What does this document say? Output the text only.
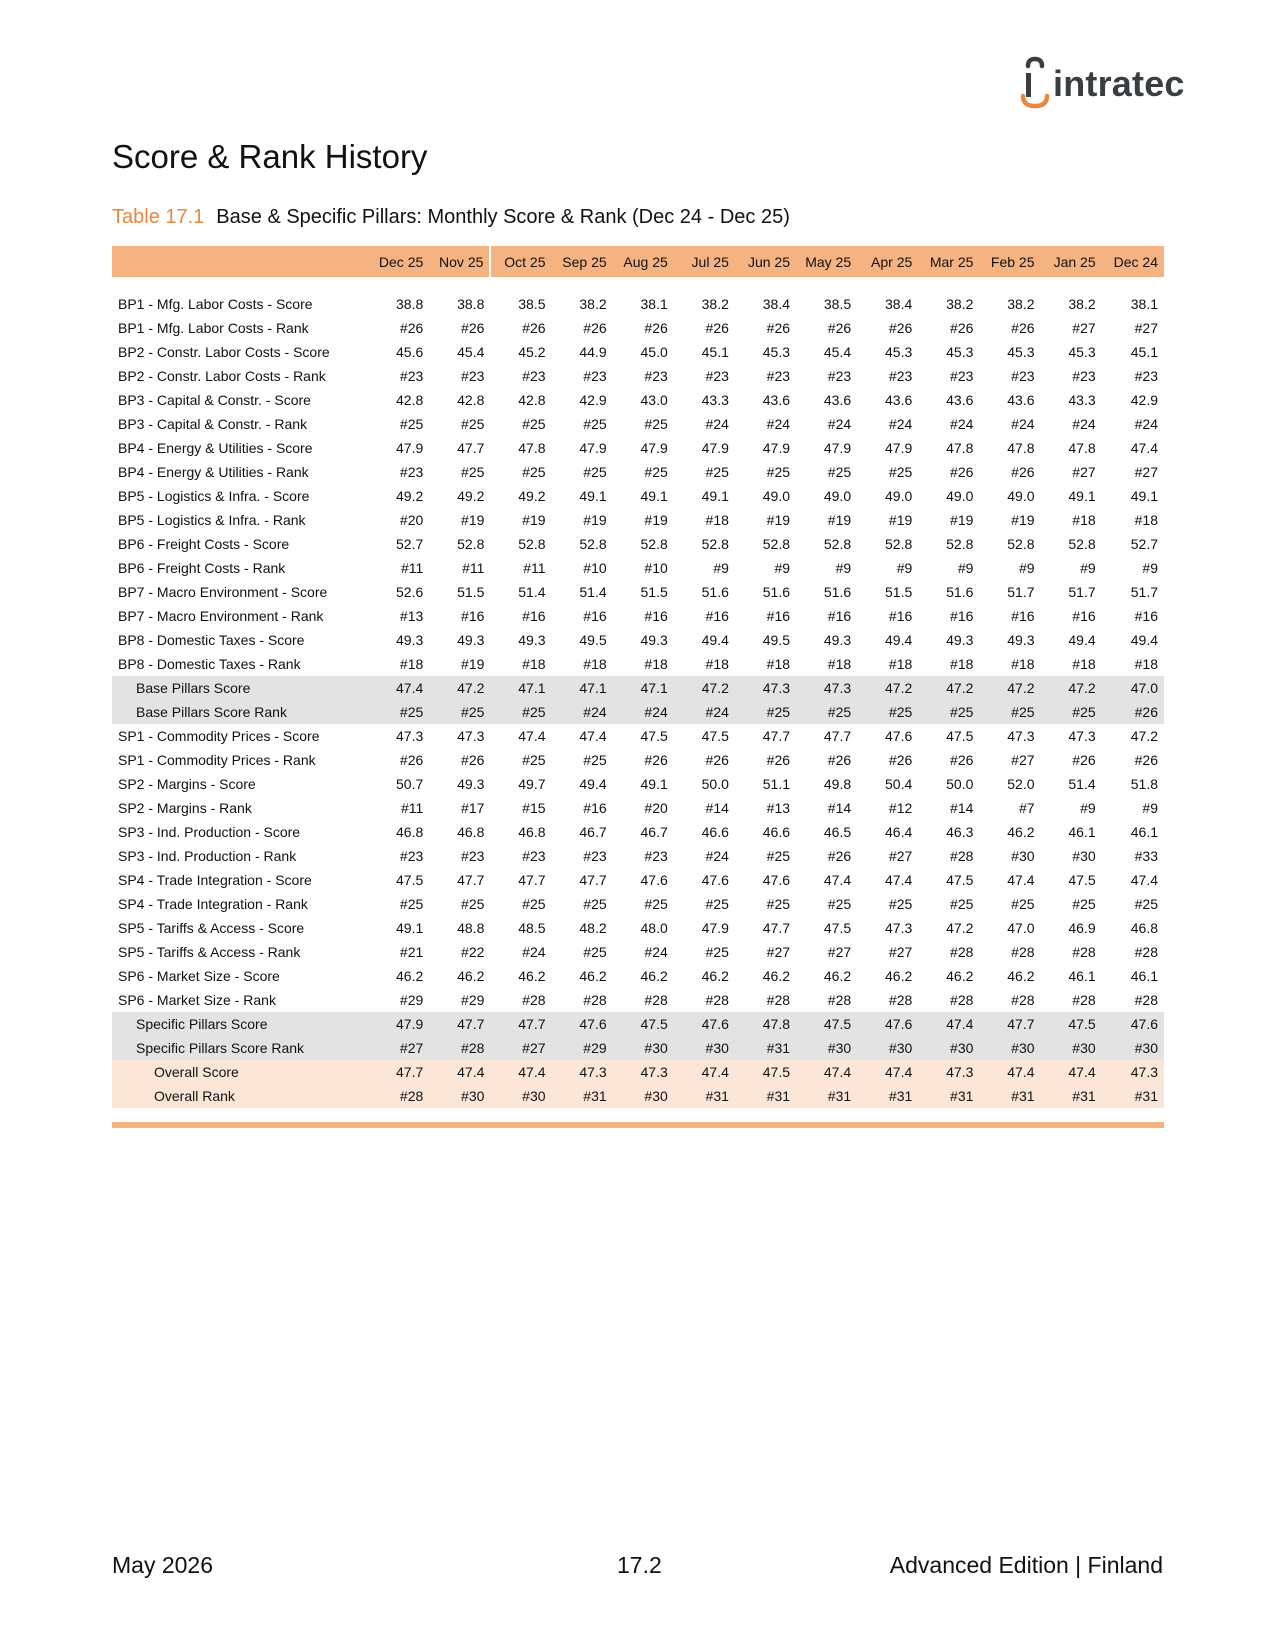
intratec
Score & Rank History
Table 17.1 Base & Specific Pillars: Monthly Score & Rank (Dec 24 - Dec 25)
	Dec 25	Nov 25	Oct 25	Sep 25	Aug 25	Jul 25	Jun 25	May 25	Apr 25	Mar 25	Feb 25	Jan 25	Dec 24

BP1 - Mfg. Labor Costs - Score	38.8	38.8	38.5	38.2	38.1	38.2	38.4	38.5	38.4	38.2	38.2	38.2	38.1
BP1 - Mfg. Labor Costs - Rank	#26	#26	#26	#26	#26	#26	#26	#26	#26	#26	#26	#27	#27
BP2 - Constr. Labor Costs - Score	45.6	45.4	45.2	44.9	45.0	45.1	45.3	45.4	45.3	45.3	45.3	45.3	45.1
BP2 - Constr. Labor Costs - Rank	#23	#23	#23	#23	#23	#23	#23	#23	#23	#23	#23	#23	#23
BP3 - Capital & Constr. - Score	42.8	42.8	42.8	42.9	43.0	43.3	43.6	43.6	43.6	43.6	43.6	43.3	42.9
BP3 - Capital & Constr. - Rank	#25	#25	#25	#25	#25	#24	#24	#24	#24	#24	#24	#24	#24
BP4 - Energy & Utilities - Score	47.9	47.7	47.8	47.9	47.9	47.9	47.9	47.9	47.9	47.8	47.8	47.8	47.4
BP4 - Energy & Utilities - Rank	#23	#25	#25	#25	#25	#25	#25	#25	#25	#26	#26	#27	#27
BP5 - Logistics & Infra. - Score	49.2	49.2	49.2	49.1	49.1	49.1	49.0	49.0	49.0	49.0	49.0	49.1	49.1
BP5 - Logistics & Infra. - Rank	#20	#19	#19	#19	#19	#18	#19	#19	#19	#19	#19	#18	#18
BP6 - Freight Costs - Score	52.7	52.8	52.8	52.8	52.8	52.8	52.8	52.8	52.8	52.8	52.8	52.8	52.7
BP6 - Freight Costs - Rank	#11	#11	#11	#10	#10	#9	#9	#9	#9	#9	#9	#9	#9
BP7 - Macro Environment - Score	52.6	51.5	51.4	51.4	51.5	51.6	51.6	51.6	51.5	51.6	51.7	51.7	51.7
BP7 - Macro Environment - Rank	#13	#16	#16	#16	#16	#16	#16	#16	#16	#16	#16	#16	#16
BP8 - Domestic Taxes - Score	49.3	49.3	49.3	49.5	49.3	49.4	49.5	49.3	49.4	49.3	49.3	49.4	49.4
BP8 - Domestic Taxes - Rank	#18	#19	#18	#18	#18	#18	#18	#18	#18	#18	#18	#18	#18
Base Pillars Score	47.4	47.2	47.1	47.1	47.1	47.2	47.3	47.3	47.2	47.2	47.2	47.2	47.0
Base Pillars Score Rank	#25	#25	#25	#24	#24	#24	#25	#25	#25	#25	#25	#25	#26
SP1 - Commodity Prices - Score	47.3	47.3	47.4	47.4	47.5	47.5	47.7	47.7	47.6	47.5	47.3	47.3	47.2
SP1 - Commodity Prices - Rank	#26	#26	#25	#25	#26	#26	#26	#26	#26	#26	#27	#26	#26
SP2 - Margins - Score	50.7	49.3	49.7	49.4	49.1	50.0	51.1	49.8	50.4	50.0	52.0	51.4	51.8
SP2 - Margins - Rank	#11	#17	#15	#16	#20	#14	#13	#14	#12	#14	#7	#9	#9
SP3 - Ind. Production - Score	46.8	46.8	46.8	46.7	46.7	46.6	46.6	46.5	46.4	46.3	46.2	46.1	46.1
SP3 - Ind. Production - Rank	#23	#23	#23	#23	#23	#24	#25	#26	#27	#28	#30	#30	#33
SP4 - Trade Integration - Score	47.5	47.7	47.7	47.7	47.6	47.6	47.6	47.4	47.4	47.5	47.4	47.5	47.4
SP4 - Trade Integration - Rank	#25	#25	#25	#25	#25	#25	#25	#25	#25	#25	#25	#25	#25
SP5 - Tariffs & Access - Score	49.1	48.8	48.5	48.2	48.0	47.9	47.7	47.5	47.3	47.2	47.0	46.9	46.8
SP5 - Tariffs & Access - Rank	#21	#22	#24	#25	#24	#25	#27	#27	#27	#28	#28	#28	#28
SP6 - Market Size - Score	46.2	46.2	46.2	46.2	46.2	46.2	46.2	46.2	46.2	46.2	46.2	46.1	46.1
SP6 - Market Size - Rank	#29	#29	#28	#28	#28	#28	#28	#28	#28	#28	#28	#28	#28
Specific Pillars Score	47.9	47.7	47.7	47.6	47.5	47.6	47.8	47.5	47.6	47.4	47.7	47.5	47.6
Specific Pillars Score Rank	#27	#28	#27	#29	#30	#30	#31	#30	#30	#30	#30	#30	#30
Overall Score	47.7	47.4	47.4	47.3	47.3	47.4	47.5	47.4	47.4	47.3	47.4	47.4	47.3
Overall Rank	#28	#30	#30	#31	#30	#31	#31	#31	#31	#31	#31	#31	#31
May 2026	17.2	Advanced Edition | Finland
